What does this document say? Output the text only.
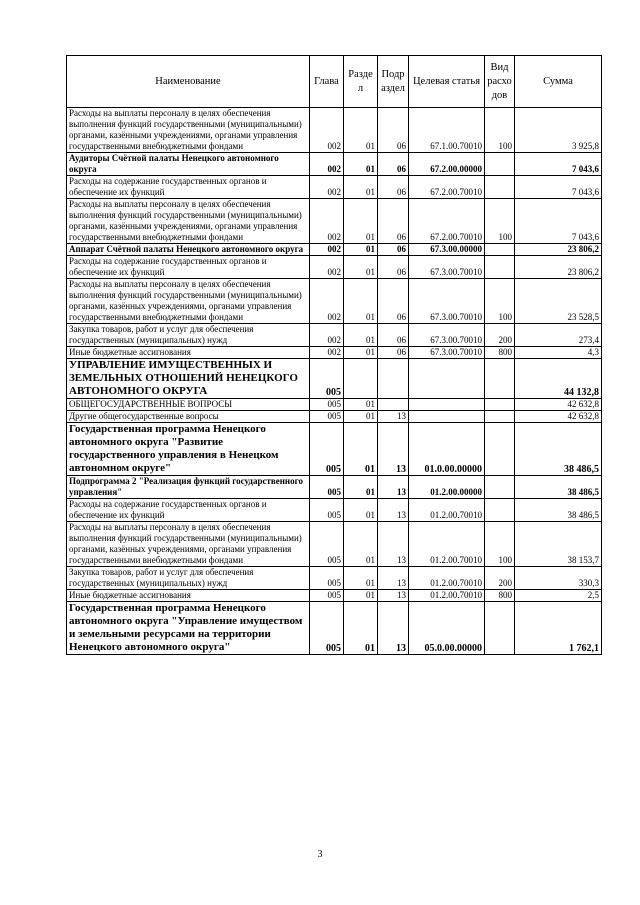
Наименование	Глава	Разде л	Подр аздел	Целевая статья	Вид расхо дов	Сумма
Расходы на выплаты персоналу в целях обеспечения выполнения функций государственными (муниципальными) органами, казёнными учреждениями, органами управления государственными внебюджетными фондами	002	01	06	67.1.00.70010	100	3 925,8
Аудиторы Счётной палаты Ненецкого автономного округа	002	01	06	67.2.00.00000		7 043,6
Расходы на содержание государственных органов и обеспечение их функций	002	01	06	67.2.00.70010		7 043,6
Расходы на выплаты персоналу в целях обеспечения выполнения функций государственными (муниципальными) органами, казёнными учреждениями, органами управления государственными внебюджетными фондами	002	01	06	67.2.00.70010	100	7 043,6
Аппарат Счётной палаты Ненецкого автономного округа	002	01	06	67.3.00.00000		23 806,2
Расходы на содержание государственных органов и обеспечение их функций	002	01	06	67.3.00.70010		23 806,2
Расходы на выплаты персоналу в целях обеспечения выполнения функций государственными (муниципальными) органами, казённых учреждениями, органами управления государственными внебюджетными фондами	002	01	06	67.3.00.70010	100	23 528,5
Закупка товаров, работ и услуг для обеспечения государственных (муниципальных) нужд	002	01	06	67.3.00.70010	200	273,4
Иные бюджетные ассигнования	002	01	06	67.3.00.70010	800	4,3
УПРАВЛЕНИЕ ИМУЩЕСТВЕННЫХ И ЗЕМЕЛЬНЫХ ОТНОШЕНИЙ НЕНЕЦКОГО АВТОНОМНОГО ОКРУГА	005					44 132,8
ОБЩЕГОСУДАРСТВЕННЫЕ ВОПРОСЫ	005	01				42 632,8
Другие общегосударственные вопросы	005	01	13			42 632,8
Государственная программа Ненецкого автономного округа "Развитие государственного управления в Ненецком автономном округе"	005	01	13	01.0.00.00000		38 486,5
Подпрограмма 2 "Реализация функций государственного управления"	005	01	13	01.2.00.00000		38 486,5
Расходы на содержание государственных органов и обеспечение их функций	005	01	13	01.2.00.70010		38 486,5
Расходы на выплаты персоналу в целях обеспечения выполнения функций государственными (муниципальными) органами, казённых учреждениями, органами управления государственными внебюджетными фондами	005	01	13	01.2.00.70010	100	38 153,7
Закупка товаров, работ и услуг для обеспечения государственных (муниципальных) нужд	005	01	13	01.2.00.70010	200	330,3
Иные бюджетные ассигнования	005	01	13	01.2.00.70010	800	2,5
Государственная программа Ненецкого автономного округа "Управление имуществом и земельными ресурсами на территории Ненецкого автономного округа"	005	01	13	05.0.00.00000		1 762,1
3
